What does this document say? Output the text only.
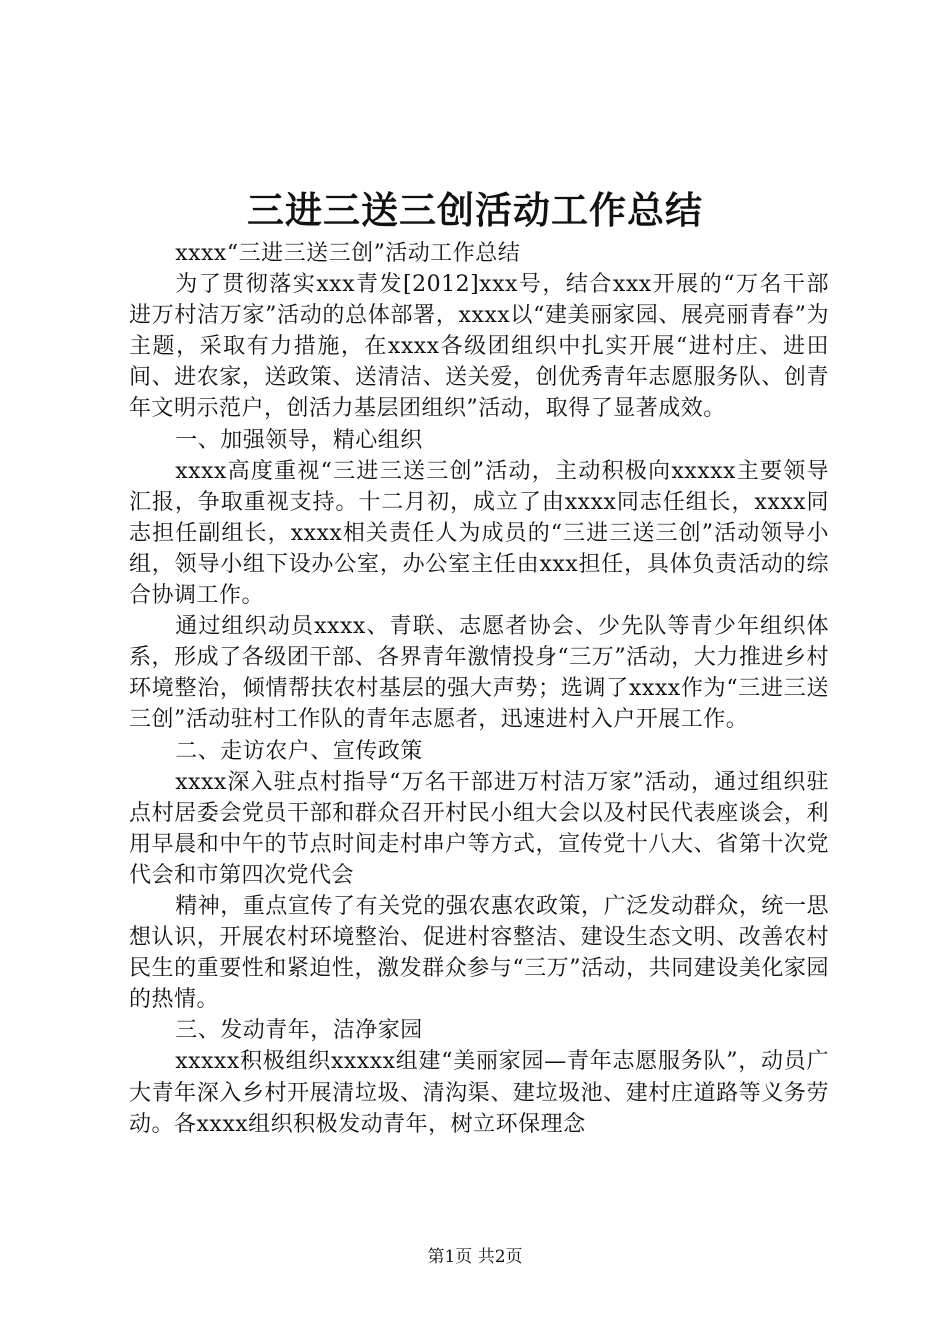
三进三送三创活动工作总结

xxxx“三进三送三创”活动工作总结

为了贯彻落实xxx青发[2012]xxx号，结合xxx开展的“万名干部进万村洁万家”活动的总体部署，xxxx以“建美丽家园、展亮丽青春”为主题，采取有力措施，在xxxx各级团组织中扎实开展“进村庄、进田间、进农家，送政策、送清洁、送关爱，创优秀青年志愿服务队、创青年文明示范户，创活力基层团组织”活动，取得了显著成效。

一、加强领导，精心组织

xxxx高度重视“三进三送三创”活动，主动积极向xxxxx主要领导汇报，争取重视支持。十二月初，成立了由xxxx同志任组长，xxxx同志担任副组长，xxxx相关责任人为成员的“三进三送三创”活动领导小组，领导小组下设办公室，办公室主任由xxx担任，具体负责活动的综合协调工作。

通过组织动员xxxx、青联、志愿者协会、少先队等青少年组织体系，形成了各级团干部、各界青年激情投身“三万”活动，大力推进乡村环境整治，倾情帮扶农村基层的强大声势；选调了xxxx作为“三进三送三创”活动驻村工作队的青年志愿者，迅速进村入户开展工作。

二、走访农户、宣传政策

xxxx深入驻点村指导“万名干部进万村洁万家”活动，通过组织驻点村居委会党员干部和群众召开村民小组大会以及村民代表座谈会，利用早晨和中午的节点时间走村串户等方式，宣传党十八大、省第十次党代会和市第四次党代会

精神，重点宣传了有关党的强农惠农政策，广泛发动群众，统一思想认识，开展农村环境整治、促进村容整洁、建设生态文明、改善农村民生的重要性和紧迫性，激发群众参与“三万”活动，共同建设美化家园的热情。

三、发动青年，洁净家园

xxxxx积极组织xxxxx组建“美丽家园—青年志愿服务队”，动员广大青年深入乡村开展清垃圾、清沟渠、建垃圾池、建村庄道路等义务劳动。各xxxx组织积极发动青年，树立环保理念

第1页 共2页
